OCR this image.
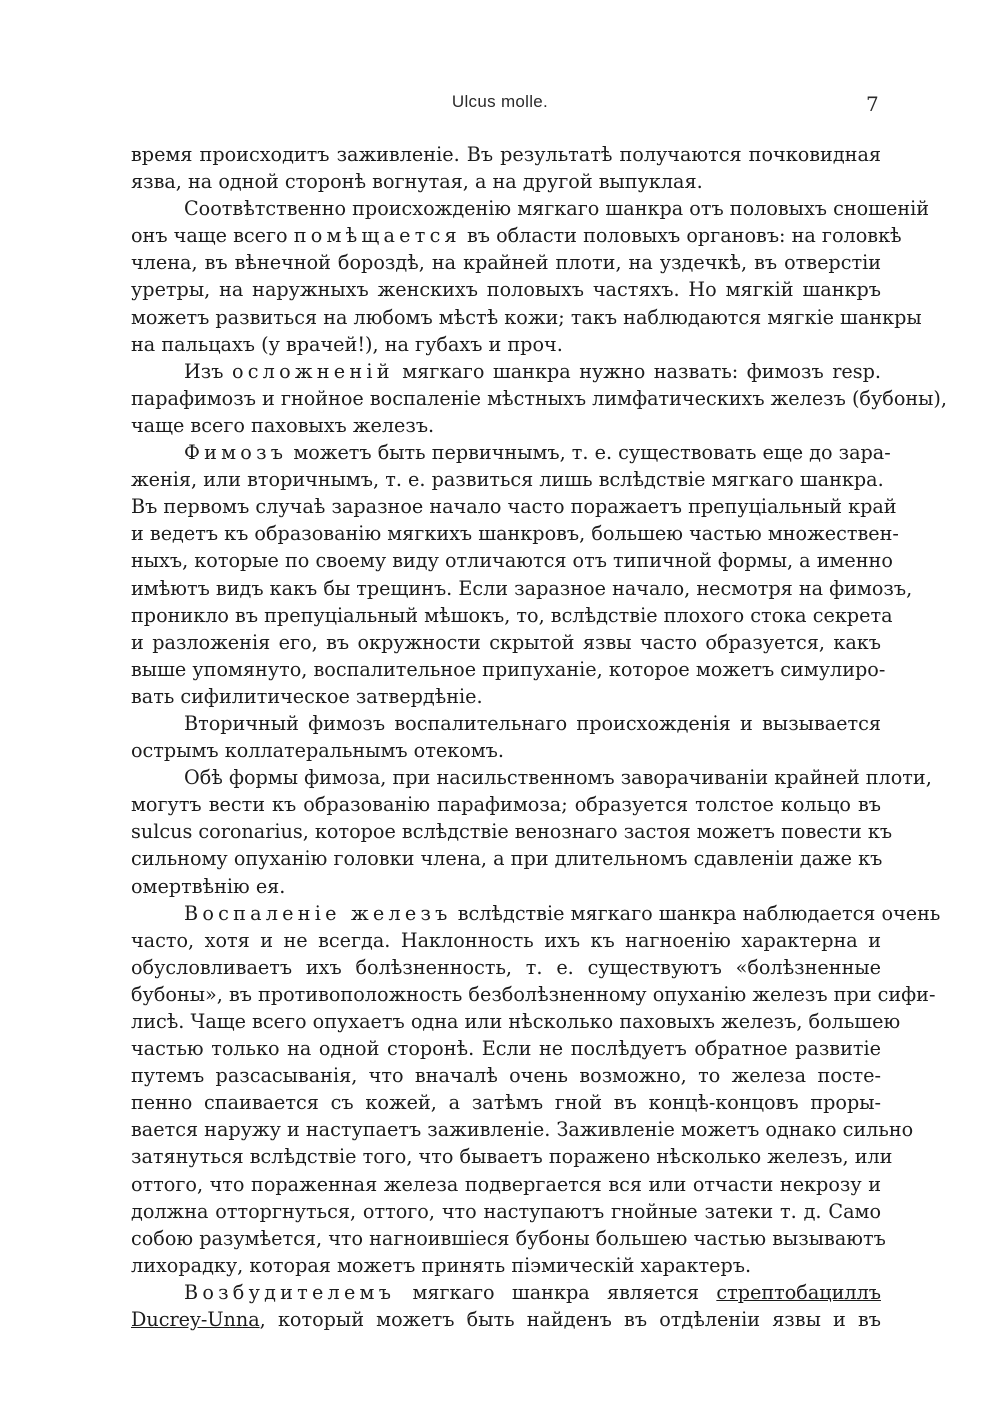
Ulcus molle.	7
время происходитъ заживленіе. Въ результатѣ получаются почковидная
язва, на одной сторонѣ вогнутая, а на другой выпуклая.
Соотвѣтственно происхожденію мягкаго шанкра отъ половыхъ сношеній
онъ чаще всего помѣщается въ области половыхъ органовъ: на головкѣ
члена, въ вѣнечной бороздѣ, на крайней плоти, на уздечкѣ, въ отверстіи
уретры, на наружныхъ женскихъ половыхъ частяхъ. Но мягкій шанкръ
можетъ развиться на любомъ мѣстѣ кожи; такъ наблюдаются мягкіе шанкры
на пальцахъ (у врачей!), на губахъ и проч.
Изъ осложненій мягкаго шанкра нужно назвать: фимозъ resp.
парафимозъ и гнойное воспаленіе мѣстныхъ лимфатическихъ железъ (бубоны),
чаще всего паховыхъ железъ.
Фимозъ можетъ быть первичнымъ, т. е. существовать еще до зара-
женія, или вторичнымъ, т. е. развиться лишь вслѣдствіе мягкаго шанкра.
Въ первомъ случаѣ заразное начало часто поражаетъ препуціальный край
и ведетъ къ образованію мягкихъ шанкровъ, большею частью множествен-
ныхъ, которые по своему виду отличаются отъ типичной формы, а именно
имѣютъ видъ какъ бы трещинъ. Если заразное начало, несмотря на фимозъ,
проникло въ препуціальный мѣшокъ, то, вслѣдствіе плохого стока секрета
и разложенія его, въ окружности скрытой язвы часто образуется, какъ
выше упомянуто, воспалительное припуханіе, которое можетъ симулиро-
вать сифилитическое затвердѣніе.
Вторичный фимозъ воспалительнаго происхожденія и вызывается
острымъ коллатеральнымъ отекомъ.
Обѣ формы фимоза, при насильственномъ заворачиваніи крайней плоти,
могутъ вести къ образованію парафимоза; образуется толстое кольцо въ
sulcus coronarius, которое вслѣдствіе венознаго застоя можетъ повести къ
сильному опуханію головки члена, а при длительномъ сдавленіи даже къ
омертвѣнію ея.
Воспаленіе железъ вслѣдствіе мягкаго шанкра наблюдается очень
часто, хотя и не всегда. Наклонность ихъ къ нагноенію характерна и
обусловливаетъ ихъ болѣзненность, т. е. существуютъ «болѣзненные
бубоны», въ противоположность безболѣзненному опуханію железъ при сифи-
лисѣ. Чаще всего опухаетъ одна или нѣсколько паховыхъ железъ, большею
частью только на одной сторонѣ. Если не послѣдуетъ обратное развитіе
путемъ разсасыванія, что вначалѣ очень возможно, то железа посте-
пенно спаивается съ кожей, а затѣмъ гной въ концѣ-концовъ проры-
вается наружу и наступаетъ заживленіе. Заживленіе можетъ однако сильно
затянуться вслѣдствіе того, что бываетъ поражено нѣсколько железъ, или
оттого, что пораженная железа подвергается вся или отчасти некрозу и
должна отторгнуться, оттого, что наступаютъ гнойные затеки т. д. Само
собою разумѣется, что нагноившіеся бубоны большею частью вызываютъ
лихорадку, которая можетъ принять піэмическій характеръ.
Возбудителемъ мягкаго шанкра является стрептобациллъ
Ducrey-Unna, который можетъ быть найденъ въ отдѣленіи язвы и въ
